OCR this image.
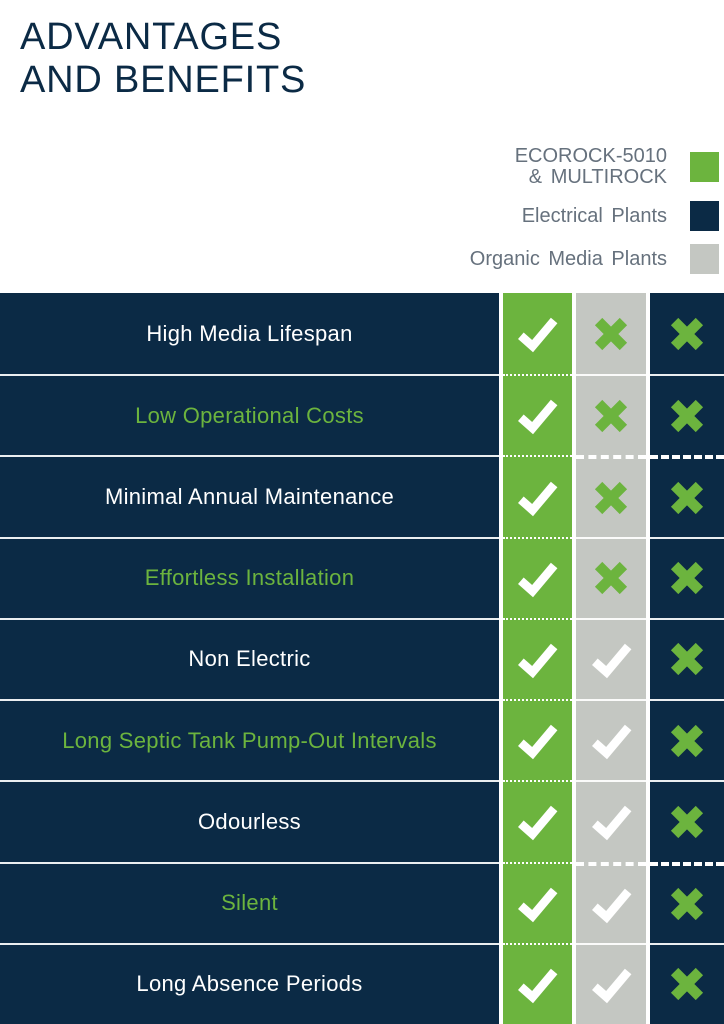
ADVANTAGES
AND BENEFITS
ECOROCK-5010
& MULTIROCK
Electrical Plants
Organic Media Plants
High Media Lifespan
Low Operational Costs
Minimal Annual Maintenance
Effortless Installation
Non Electric
Long Septic Tank Pump-Out Intervals
Odourless
Silent
Long Absence Periods
